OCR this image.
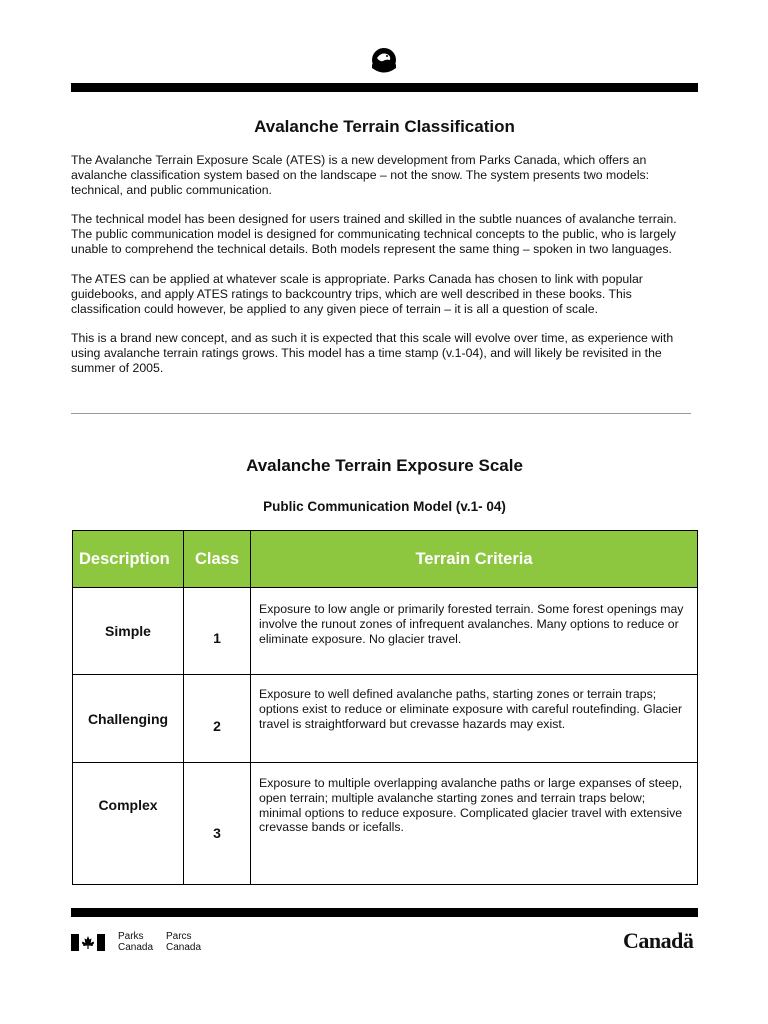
Avalanche Terrain Classification

The Avalanche Terrain Exposure Scale (ATES) is a new development from Parks Canada, which offers an avalanche classification system based on the landscape – not the snow. The system presents two models: technical, and public communication.

The technical model has been designed for users trained and skilled in the subtle nuances of avalanche terrain. The public communication model is designed for communicating technical concepts to the public, who is largely unable to comprehend the technical details. Both models represent the same thing – spoken in two languages.

The ATES can be applied at whatever scale is appropriate. Parks Canada has chosen to link with popular guidebooks, and apply ATES ratings to backcountry trips, which are well described in these books. This classification could however, be applied to any given piece of terrain – it is all a question of scale.

This is a brand new concept, and as such it is expected that this scale will evolve over time, as experience with using avalanche terrain ratings grows. This model has a time stamp (v.1-04), and will likely be revisited in the summer of 2005.

Avalanche Terrain Exposure Scale
Public Communication Model (v.1- 04)
Description	Class	Terrain Criteria
Simple	1	Exposure to low angle or primarily forested terrain. Some forest openings may involve the runout zones of infrequent avalanches. Many options to reduce or eliminate exposure. No glacier travel.
Challenging	2	Exposure to well defined avalanche paths, starting zones or terrain traps; options exist to reduce or eliminate exposure with careful routefinding. Glacier travel is straightforward but crevasse hazards may exist.
Complex	3	Exposure to multiple overlapping avalanche paths or large expanses of steep, open terrain; multiple avalanche starting zones and terrain traps below; minimal options to reduce exposure. Complicated glacier travel with extensive crevasse bands or icefalls.
Parks	Parcs
Canada	Canada	Canadä
